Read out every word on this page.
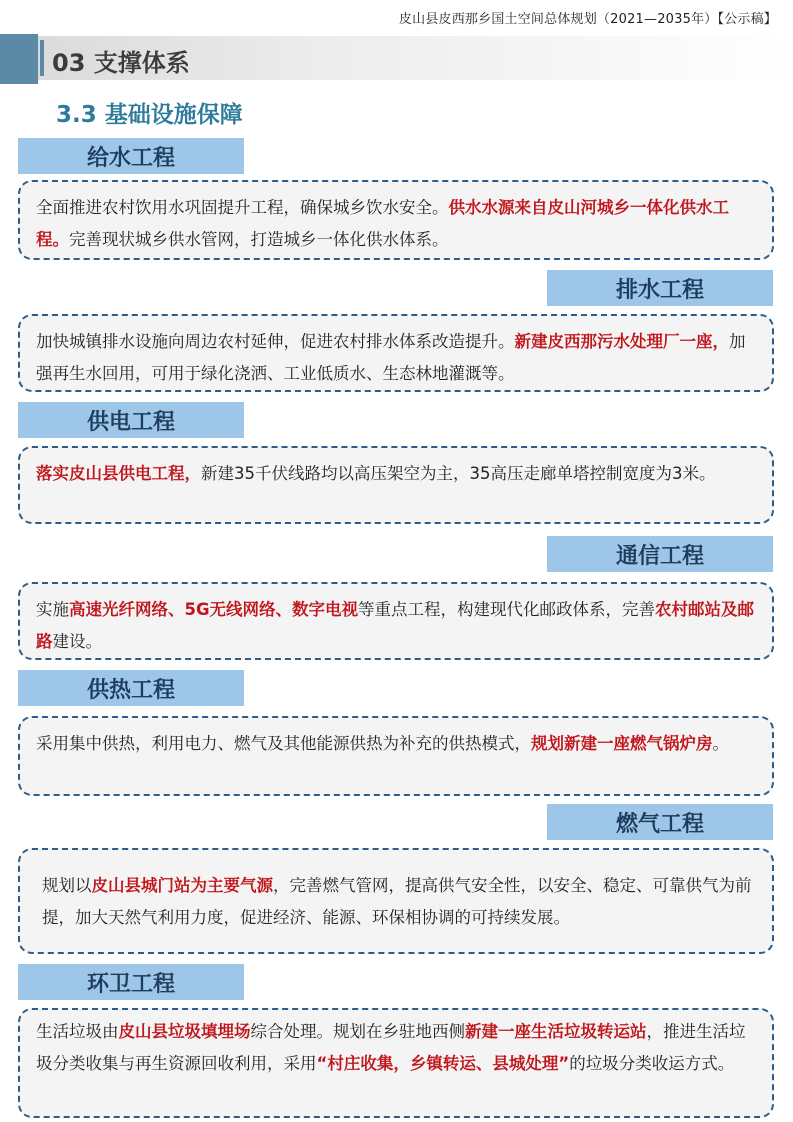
皮山县皮西那乡国土空间总体规划（2021—2035年）【公示稿】
03 支撑体系
3.3 基础设施保障
给水工程
全面推进农村饮用水巩固提升工程，确保城乡饮水安全。供水水源来自皮山河城乡一体化供水工程。完善现状城乡供水管网，打造城乡一体化供水体系。
排水工程
加快城镇排水设施向周边农村延伸，促进农村排水体系改造提升。新建皮西那污水处理厂一座，加强再生水回用，可用于绿化浇洒、工业低质水、生态林地灌溉等。
供电工程
落实皮山县供电工程，新建35千伏线路均以高压架空为主，35高压走廊单塔控制宽度为3米。
通信工程
实施高速光纤网络、5G无线网络、数字电视等重点工程，构建现代化邮政体系，完善农村邮站及邮路建设。
供热工程
采用集中供热，利用电力、燃气及其他能源供热为补充的供热模式，规划新建一座燃气锅炉房。
燃气工程
规划以皮山县城门站为主要气源，完善燃气管网，提高供气安全性，以安全、稳定、可靠供气为前提，加大天然气利用力度，促进经济、能源、环保相协调的可持续发展。
环卫工程
生活垃圾由皮山县垃圾填埋场综合处理。规划在乡驻地西侧新建一座生活垃圾转运站，推进生活垃圾分类收集与再生资源回收利用，采用“村庄收集，乡镇转运、县城处理”的垃圾分类收运方式。
